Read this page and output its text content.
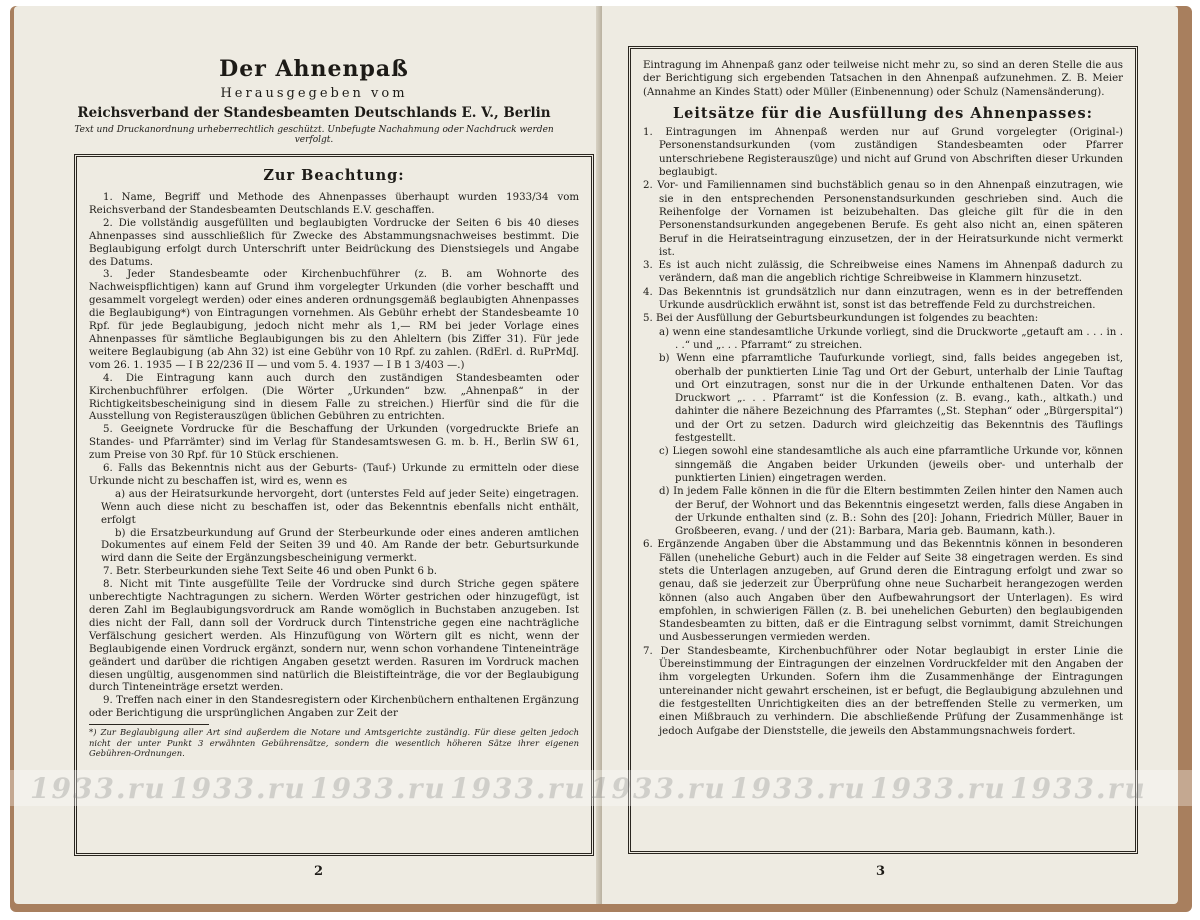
Der Ahnenpaß
Herausgegeben vom
Reichsverband der Standesbeamten Deutschlands E. V., Berlin
Text und Druckanordnung urheberrechtlich geschützt. Unbefugte Nachahmung oder Nachdruck werden verfolgt.
Zur Beachtung:

1. Name, Begriff und Methode des Ahnenpasses überhaupt wurden 1933/34 vom Reichsverband der Standesbeamten Deutschlands E.V. geschaffen.

2. Die vollständig ausgefüllten und beglaubigten Vordrucke der Seiten 6 bis 40 dieses Ahnenpasses sind ausschließlich für Zwecke des Abstammungsnachweises bestimmt. Die Beglaubigung erfolgt durch Unterschrift unter Beidrückung des Dienstsiegels und Angabe des Datums.

3. Jeder Standesbeamte oder Kirchenbuchführer (z. B. am Wohnorte des Nachweispflichtigen) kann auf Grund ihm vorgelegter Urkunden (die vorher beschafft und gesammelt vorgelegt werden) oder eines anderen ordnungsgemäß beglaubigten Ahnenpasses die Beglaubigung*) von Eintragungen vornehmen. Als Gebühr erhebt der Standesbeamte 10 Rpf. für jede Beglaubigung, jedoch nicht mehr als 1,— RM bei jeder Vorlage eines Ahnenpasses für sämtliche Beglaubigungen bis zu den Ahleltern (bis Ziffer 31). Für jede weitere Beglaubigung (ab Ahn 32) ist eine Gebühr von 10 Rpf. zu zahlen. (RdErl. d. RuPrMdJ. vom 26. 1. 1935 — I B 22/236 II — und vom 5. 4. 1937 — I B 1 3/403 —.)

4. Die Eintragung kann auch durch den zuständigen Standesbeamten oder Kirchenbuchführer erfolgen. (Die Wörter „Urkunden“ bzw. „Ahnenpaß“ in der Richtigkeitsbescheinigung sind in diesem Falle zu streichen.) Hierfür sind die für die Ausstellung von Registerauszügen üblichen Gebühren zu entrichten.

5. Geeignete Vordrucke für die Beschaffung der Urkunden (vorgedruckte Briefe an Standes- und Pfarrämter) sind im Verlag für Standesamtswesen G. m. b. H., Berlin SW 61, zum Preise von 30 Rpf. für 10 Stück erschienen.

6. Falls das Bekenntnis nicht aus der Geburts- (Tauf-) Urkunde zu ermitteln oder diese Urkunde nicht zu beschaffen ist, wird es, wenn es

a) aus der Heiratsurkunde hervorgeht, dort (unterstes Feld auf jeder Seite) eingetragen. Wenn auch diese nicht zu beschaffen ist, oder das Bekenntnis ebenfalls nicht enthält, erfolgt

b) die Ersatzbeurkundung auf Grund der Sterbeurkunde oder eines anderen amtlichen Dokumentes auf einem Feld der Seiten 39 und 40. Am Rande der betr. Geburtsurkunde wird dann die Seite der Ergänzungsbescheinigung vermerkt.

7. Betr. Sterbeurkunden siehe Text Seite 46 und oben Punkt 6 b.

8. Nicht mit Tinte ausgefüllte Teile der Vordrucke sind durch Striche gegen spätere unberechtigte Nachtragungen zu sichern. Werden Wörter gestrichen oder hinzugefügt, ist deren Zahl im Beglaubigungsvordruck am Rande womöglich in Buchstaben anzugeben. Ist dies nicht der Fall, dann soll der Vordruck durch Tintenstriche gegen eine nachträgliche Verfälschung gesichert werden. Als Hinzufügung von Wörtern gilt es nicht, wenn der Beglaubigende einen Vordruck ergänzt, sondern nur, wenn schon vorhandene Tinteneinträge geändert und darüber die richtigen Angaben gesetzt werden. Rasuren im Vordruck machen diesen ungültig, ausgenommen sind natürlich die Bleistifteinträge, die vor der Beglaubigung durch Tinteneinträge ersetzt werden.

9. Treffen nach einer in den Standesregistern oder Kirchenbüchern enthaltenen Ergänzung oder Berichtigung die ursprünglichen Angaben zur Zeit der

*) Zur Beglaubigung aller Art sind außerdem die Notare und Amtsgerichte zuständig. Für diese gelten jedoch nicht der unter Punkt 3 erwähnten Gebührensätze, sondern die wesentlich höheren Sätze ihrer eigenen Gebühren-Ordnungen.
2

Eintragung im Ahnenpaß ganz oder teilweise nicht mehr zu, so sind an deren Stelle die aus der Berichtigung sich ergebenden Tatsachen in den Ahnenpaß aufzunehmen. Z. B. Meier (Annahme an Kindes Statt) oder Müller (Einbenennung) oder Schulz (Namensänderung).

Leitsätze für die Ausfüllung des Ahnenpasses:

1. Eintragungen im Ahnenpaß werden nur auf Grund vorgelegter (Original-) Personenstandsurkunden (vom zuständigen Standesbeamten oder Pfarrer unterschriebene Registerauszüge) und nicht auf Grund von Abschriften dieser Urkunden beglaubigt.

2. Vor- und Familiennamen sind buchstäblich genau so in den Ahnenpaß einzutragen, wie sie in den entsprechenden Personenstandsurkunden geschrieben sind. Auch die Reihenfolge der Vornamen ist beizubehalten. Das gleiche gilt für die in den Personenstandsurkunden angegebenen Berufe. Es geht also nicht an, einen späteren Beruf in die Heiratseintragung einzusetzen, der in der Heiratsurkunde nicht vermerkt ist.

3. Es ist auch nicht zulässig, die Schreibweise eines Namens im Ahnenpaß dadurch zu verändern, daß man die angeblich richtige Schreibweise in Klammern hinzusetzt.

4. Das Bekenntnis ist grundsätzlich nur dann einzutragen, wenn es in der betreffenden Urkunde ausdrücklich erwähnt ist, sonst ist das betreffende Feld zu durchstreichen.

5. Bei der Ausfüllung der Geburtsbeurkundungen ist folgendes zu beachten:

a) wenn eine standesamtliche Urkunde vorliegt, sind die Druckworte „getauft am . . . in . . .“ und „. . . Pfarramt“ zu streichen.

b) Wenn eine pfarramtliche Taufurkunde vorliegt, sind, falls beides angegeben ist, oberhalb der punktierten Linie Tag und Ort der Geburt, unterhalb der Linie Tauftag und Ort einzutragen, sonst nur die in der Urkunde enthaltenen Daten. Vor das Druckwort „. . . Pfarramt“ ist die Konfession (z. B. evang., kath., altkath.) und dahinter die nähere Bezeichnung des Pfarramtes („St. Stephan“ oder „Bürgerspital“) und der Ort zu setzen. Dadurch wird gleichzeitig das Bekenntnis des Täuflings festgestellt.

c) Liegen sowohl eine standesamtliche als auch eine pfarramtliche Urkunde vor, können sinngemäß die Angaben beider Urkunden (jeweils ober- und unterhalb der punktierten Linien) eingetragen werden.

d) In jedem Falle können in die für die Eltern bestimmten Zeilen hinter den Namen auch der Beruf, der Wohnort und das Bekenntnis eingesetzt werden, falls diese Angaben in der Urkunde enthalten sind (z. B.: Sohn des [20]: Johann, Friedrich Müller, Bauer in Großbeeren, evang. / und der (21): Barbara, Maria geb. Baumann, kath.).

6. Ergänzende Angaben über die Abstammung und das Bekenntnis können in besonderen Fällen (uneheliche Geburt) auch in die Felder auf Seite 38 eingetragen werden. Es sind stets die Unterlagen anzugeben, auf Grund deren die Eintragung erfolgt und zwar so genau, daß sie jederzeit zur Überprüfung ohne neue Sucharbeit herangezogen werden können (also auch Angaben über den Aufbewahrungsort der Unterlagen). Es wird empfohlen, in schwierigen Fällen (z. B. bei unehelichen Geburten) den beglaubigenden Standesbeamten zu bitten, daß er die Eintragung selbst vornimmt, damit Streichungen und Ausbesserungen vermieden werden.

7. Der Standesbeamte, Kirchenbuchführer oder Notar beglaubigt in erster Linie die Übereinstimmung der Eintragungen der einzelnen Vordruckfelder mit den Angaben der ihm vorgelegten Urkunden. Sofern ihm die Zusammenhänge der Eintragungen untereinander nicht gewahrt erscheinen, ist er befugt, die Beglaubigung abzulehnen und die festgestellten Unrichtigkeiten dies an der betreffenden Stelle zu vermerken, um einen Mißbrauch zu verhindern. Die abschließende Prüfung der Zusammenhänge ist jedoch Aufgabe der Dienststelle, die jeweils den Abstammungsnachweis fordert.

3
1933.ru 1933.ru 1933.ru 1933.ru 1933.ru 1933.ru 1933.ru 1933.ru
